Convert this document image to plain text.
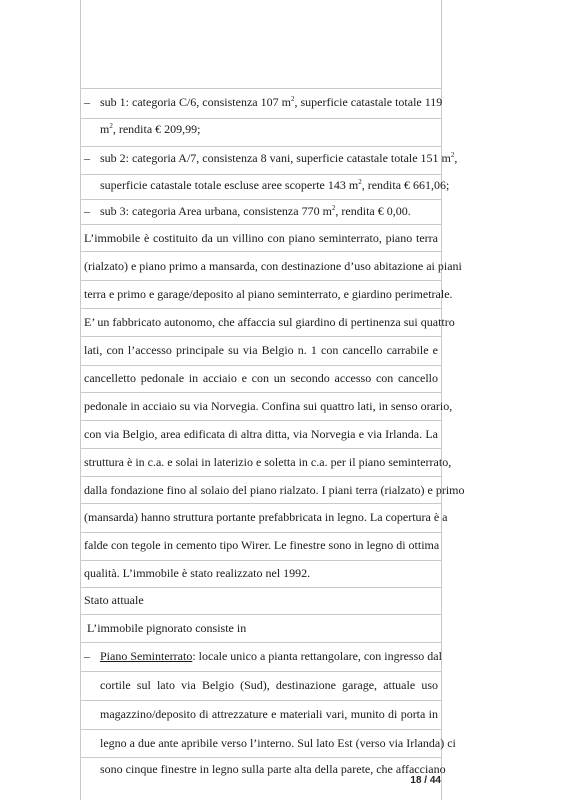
– sub 1: categoria C/6, consistenza 107 $m^2$, superficie catastale totale 119
$m^2$, rendita € 209,99;
– sub 2: categoria A/7, consistenza 8 vani, superficie catastale totale 151 $m^2$,
superficie catastale totale escluse aree scoperte 143 $m^2$, rendita € 661,06;
– sub 3: categoria Area urbana, consistenza 770 $m^2$, rendita € 0,00.
L’immobile è costituito da un villino con piano seminterrato, piano terra
(rialzato) e piano primo a mansarda, con destinazione d’uso abitazione ai piani
terra e primo e garage/deposito al piano seminterrato, e giardino perimetrale.
E’ un fabbricato autonomo, che affaccia sul giardino di pertinenza sui quattro
lati, con l’accesso principale su via Belgio n. 1 con cancello carrabile e
cancelletto pedonale in acciaio e con un secondo accesso con cancello
pedonale in acciaio su via Norvegia. Confina sui quattro lati, in senso orario,
con via Belgio, area edificata di altra ditta, via Norvegia e via Irlanda. La
struttura è in c.a. e solai in laterizio e soletta in c.a. per il piano seminterrato,
dalla fondazione fino al solaio del piano rialzato. I piani terra (rialzato) e primo
(mansarda) hanno struttura portante prefabbricata in legno. La copertura è a
falde con tegole in cemento tipo Wirer. Le finestre sono in legno di ottima
qualità. L’immobile è stato realizzato nel 1992.
Stato attuale
L’immobile pignorato consiste in
– Piano Seminterrato: locale unico a pianta rettangolare, con ingresso dal
cortile sul lato via Belgio (Sud), destinazione garage, attuale uso
magazzino/deposito di attrezzature e materiali vari, munito di porta in
legno a due ante apribile verso l’interno. Sul lato Est (verso via Irlanda) ci
sono cinque finestre in legno sulla parte alta della parete, che affacciano
18 / 44
